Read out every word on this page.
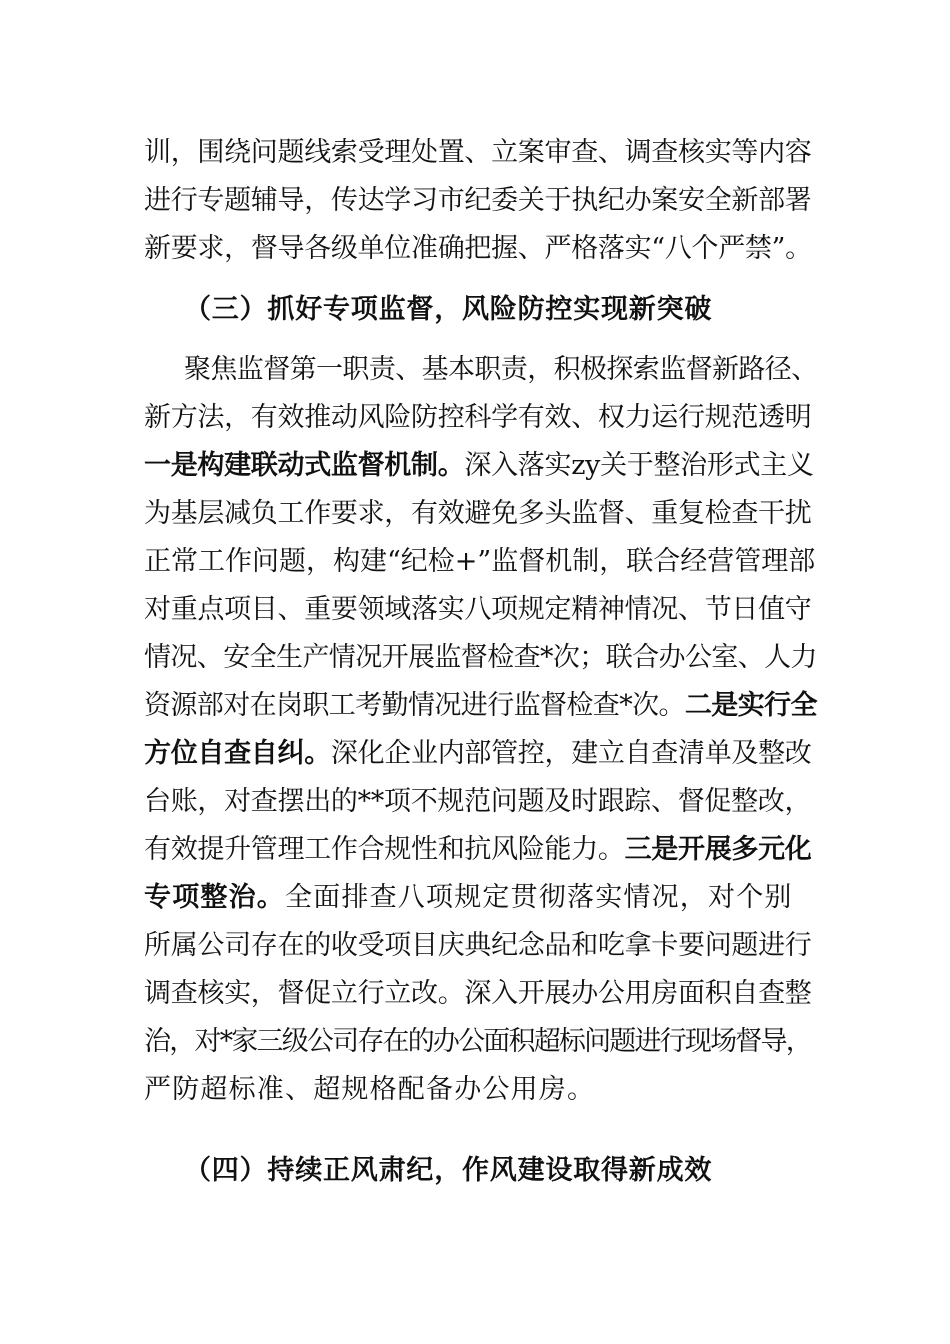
训，围绕问题线索受理处置、立案审查、调查核实等内容
进行专题辅导，传达学习市纪委关于执纪办案安全新部署
新要求，督导各级单位准确把握、严格落实“八个严禁”。
（三）抓好专项监督，风险防控实现新突破
聚焦监督第一职责、基本职责，积极探索监督新路径、
新方法，有效推动风险防控科学有效、权力运行规范透明
一是构建联动式监督机制。深入落实zy关于整治形式主义
为基层减负工作要求，有效避免多头监督、重复检查干扰
正常工作问题，构建“纪检+”监督机制，联合经营管理部
对重点项目、重要领域落实八项规定精神情况、节日值守
情况、安全生产情况开展监督检查*次；联合办公室、人力
资源部对在岗职工考勤情况进行监督检查*次。二是实行全
方位自查自纠。深化企业内部管控，建立自查清单及整改
台账，对查摆出的**项不规范问题及时跟踪、督促整改，
有效提升管理工作合规性和抗风险能力。三是开展多元化
专项整治。全面排查八项规定贯彻落实情况，对个别
所属公司存在的收受项目庆典纪念品和吃拿卡要问题进行
调查核实，督促立行立改。深入开展办公用房面积自查整
治，对*家三级公司存在的办公面积超标问题进行现场督导，
严防超标准、超规格配备办公用房。
（四）持续正风肃纪，作风建设取得新成效
